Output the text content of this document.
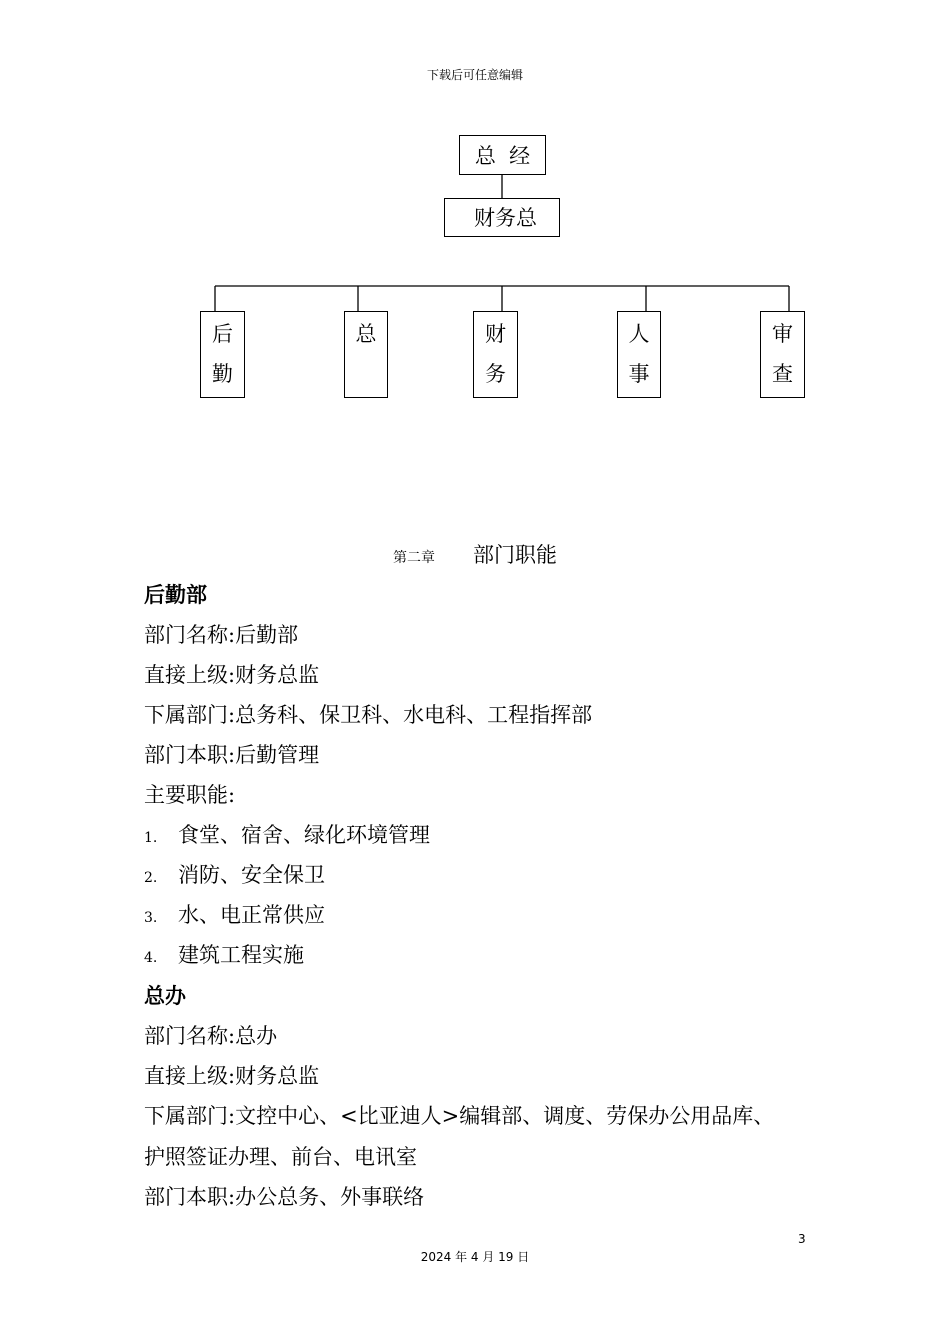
下载后可任意编辑
总  经
财务总
后
勤
总	财
务
人
事
审
查
第二章 部门职能
后勤部
部门名称:后勤部
直接上级:财务总监
下属部门:总务科、保卫科、水电科、工程指挥部
部门本职:后勤管理
主要职能:
1. 食堂、宿舍、绿化环境管理
2. 消防、安全保卫
3. 水、电正常供应
4. 建筑工程实施
总办
部门名称:总办
直接上级:财务总监
下属部门:文控中心、<比亚迪人>编辑部、调度、劳保办公用品库、
护照签证办理、前台、电讯室
部门本职:办公总务、外事联络
3
2024 年 4 月 19 日
